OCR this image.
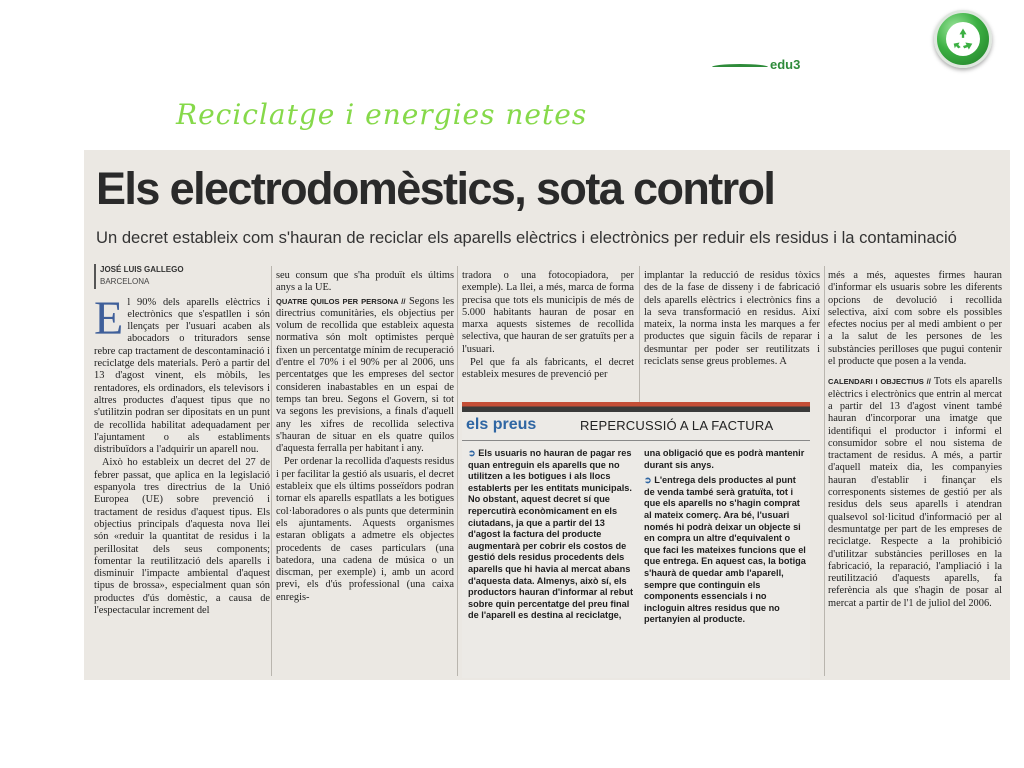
edu3
Reciclatge i energies netes
Els electrodomèstics, sota control
Un decret estableix com s'hauran de reciclar els aparells elèctrics i electrònics per reduir els residus i la contaminació
JOSÉ LUIS GALLEGO
BARCELONA

El 90% dels aparells elèctrics i electrònics que s'espatllen i són llençats per l'usuari acaben als abocadors o trituradors sense rebre cap tractament de descontaminació i reciclatge dels materials. Però a partir del 13 d'agost vinent, els mòbils, les rentadores, els ordinadors, els televisors i altres productes d'aquest tipus que no s'utilitzin podran ser dipositats en un punt de recollida habilitat adequadament per l'ajuntament o als establiments distribuïdors a l'adquirir un aparell nou.

Això ho estableix un decret del 27 de febrer passat, que aplica en la legislació espanyola tres directrius de la Unió Europea (UE) sobre prevenció i tractament de residus d'aquest tipus. Els objectius principals d'aquesta nova llei són «reduir la quantitat de residus i la perillositat dels seus components; fomentar la reutilització dels aparells i disminuir l'impacte ambiental d'aquest tipus de brossa», especialment quan són productes d'ús domèstic, a causa de l'espectacular increment del

seu consum que s'ha produït els últims anys a la UE.

QUATRE QUILOS PER PERSONA // Segons les directrius comunitàries, els objectius per volum de recollida que estableix aquesta normativa són molt optimistes perquè fixen un percentatge mínim de recuperació d'entre el 70% i el 90% per al 2006, uns percentatges que les empreses del sector consideren inabastables en un espai de temps tan breu. Segons el Govern, si tot va segons les previsions, a finals d'aquell any les xifres de recollida selectiva s'hauran de situar en els quatre quilos d'aquesta ferralla per habitant i any.

Per ordenar la recollida d'aquests residus i per facilitar la gestió als usuaris, el decret estableix que els últims posseïdors podran tornar els aparells espatllats a les botigues col·laboradores o als punts que determinin els ajuntaments. Aquests organismes estaran obligats a admetre els objectes procedents de cases particulars (una batedora, una cadena de música o un discman, per exemple) i, amb un acord previ, els d'ús professional (una caixa enregis-

tradora o una fotocopiadora, per exemple). La llei, a més, marca de forma precisa que tots els municipis de més de 5.000 habitants hauran de posar en marxa aquests sistemes de recollida selectiva, que hauran de ser gratuïts per a l'usuari.

Pel que fa als fabricants, el decret estableix mesures de prevenció per

implantar la reducció de residus tòxics des de la fase de disseny i de fabricació dels aparells elèctrics i electrònics fins a la seva transformació en residus. Així mateix, la norma insta les marques a fer productes que siguin fàcils de reparar i desmuntar per poder ser reutilitzats i reciclats sense greus problemes. A

més a més, aquestes firmes hauran d'informar els usuaris sobre les diferents opcions de devolució i recollida selectiva, així com sobre els possibles efectes nocius per al medi ambient o per a la salut de les persones de les substàncies perilloses que pugui contenir el producte que posen a la venda.

CALENDARI I OBJECTIUS // Tots els aparells elèctrics i electrònics que entrin al mercat a partir del 13 d'agost vinent també hauran d'incorporar una imatge que identifiqui el productor i informi el consumidor sobre el nou sistema de tractament de residus. A més, a partir d'aquell mateix dia, les companyies hauran d'establir i finançar els corresponents sistemes de gestió per als residus dels seus aparells i atendran qualsevol sol·licitud d'informació per al desmuntatge per part de les empreses de reciclatge. Respecte a la prohibició d'utilitzar substàncies perilloses en la fabricació, la reparació, l'ampliació i la reutilització d'aquests aparells, fa referència als que s'hagin de posar al mercat a partir de l'1 de juliol del 2006.

els preus	REPERCUSSIÓ A LA FACTURA

➲ Els usuaris no hauran de pagar res quan entreguin els aparells que no utilitzen a les botigues i als llocs establerts per les entitats municipals. No obstant, aquest decret sí que repercutirà econòmicament en els ciutadans, ja que a partir del 13 d'agost la factura del producte augmentarà per cobrir els costos de gestió dels residus procedents dels aparells que hi havia al mercat abans d'aquesta data. Almenys, això sí, els productors hauran d'informar al rebut sobre quin percentatge del preu final de l'aparell es destina al reciclatge,

una obligació que es podrà mantenir durant sis anys.

➲ L'entrega dels productes al punt de venda també serà gratuïta, tot i que els aparells no s'hagin comprat al mateix comerç. Ara bé, l'usuari només hi podrà deixar un objecte si en compra un altre d'equivalent o que faci les mateixes funcions que el que entrega. En aquest cas, la botiga s'haurà de quedar amb l'aparell, sempre que continguin els components essencials i no incloguin altres residus que no pertanyien al producte.
